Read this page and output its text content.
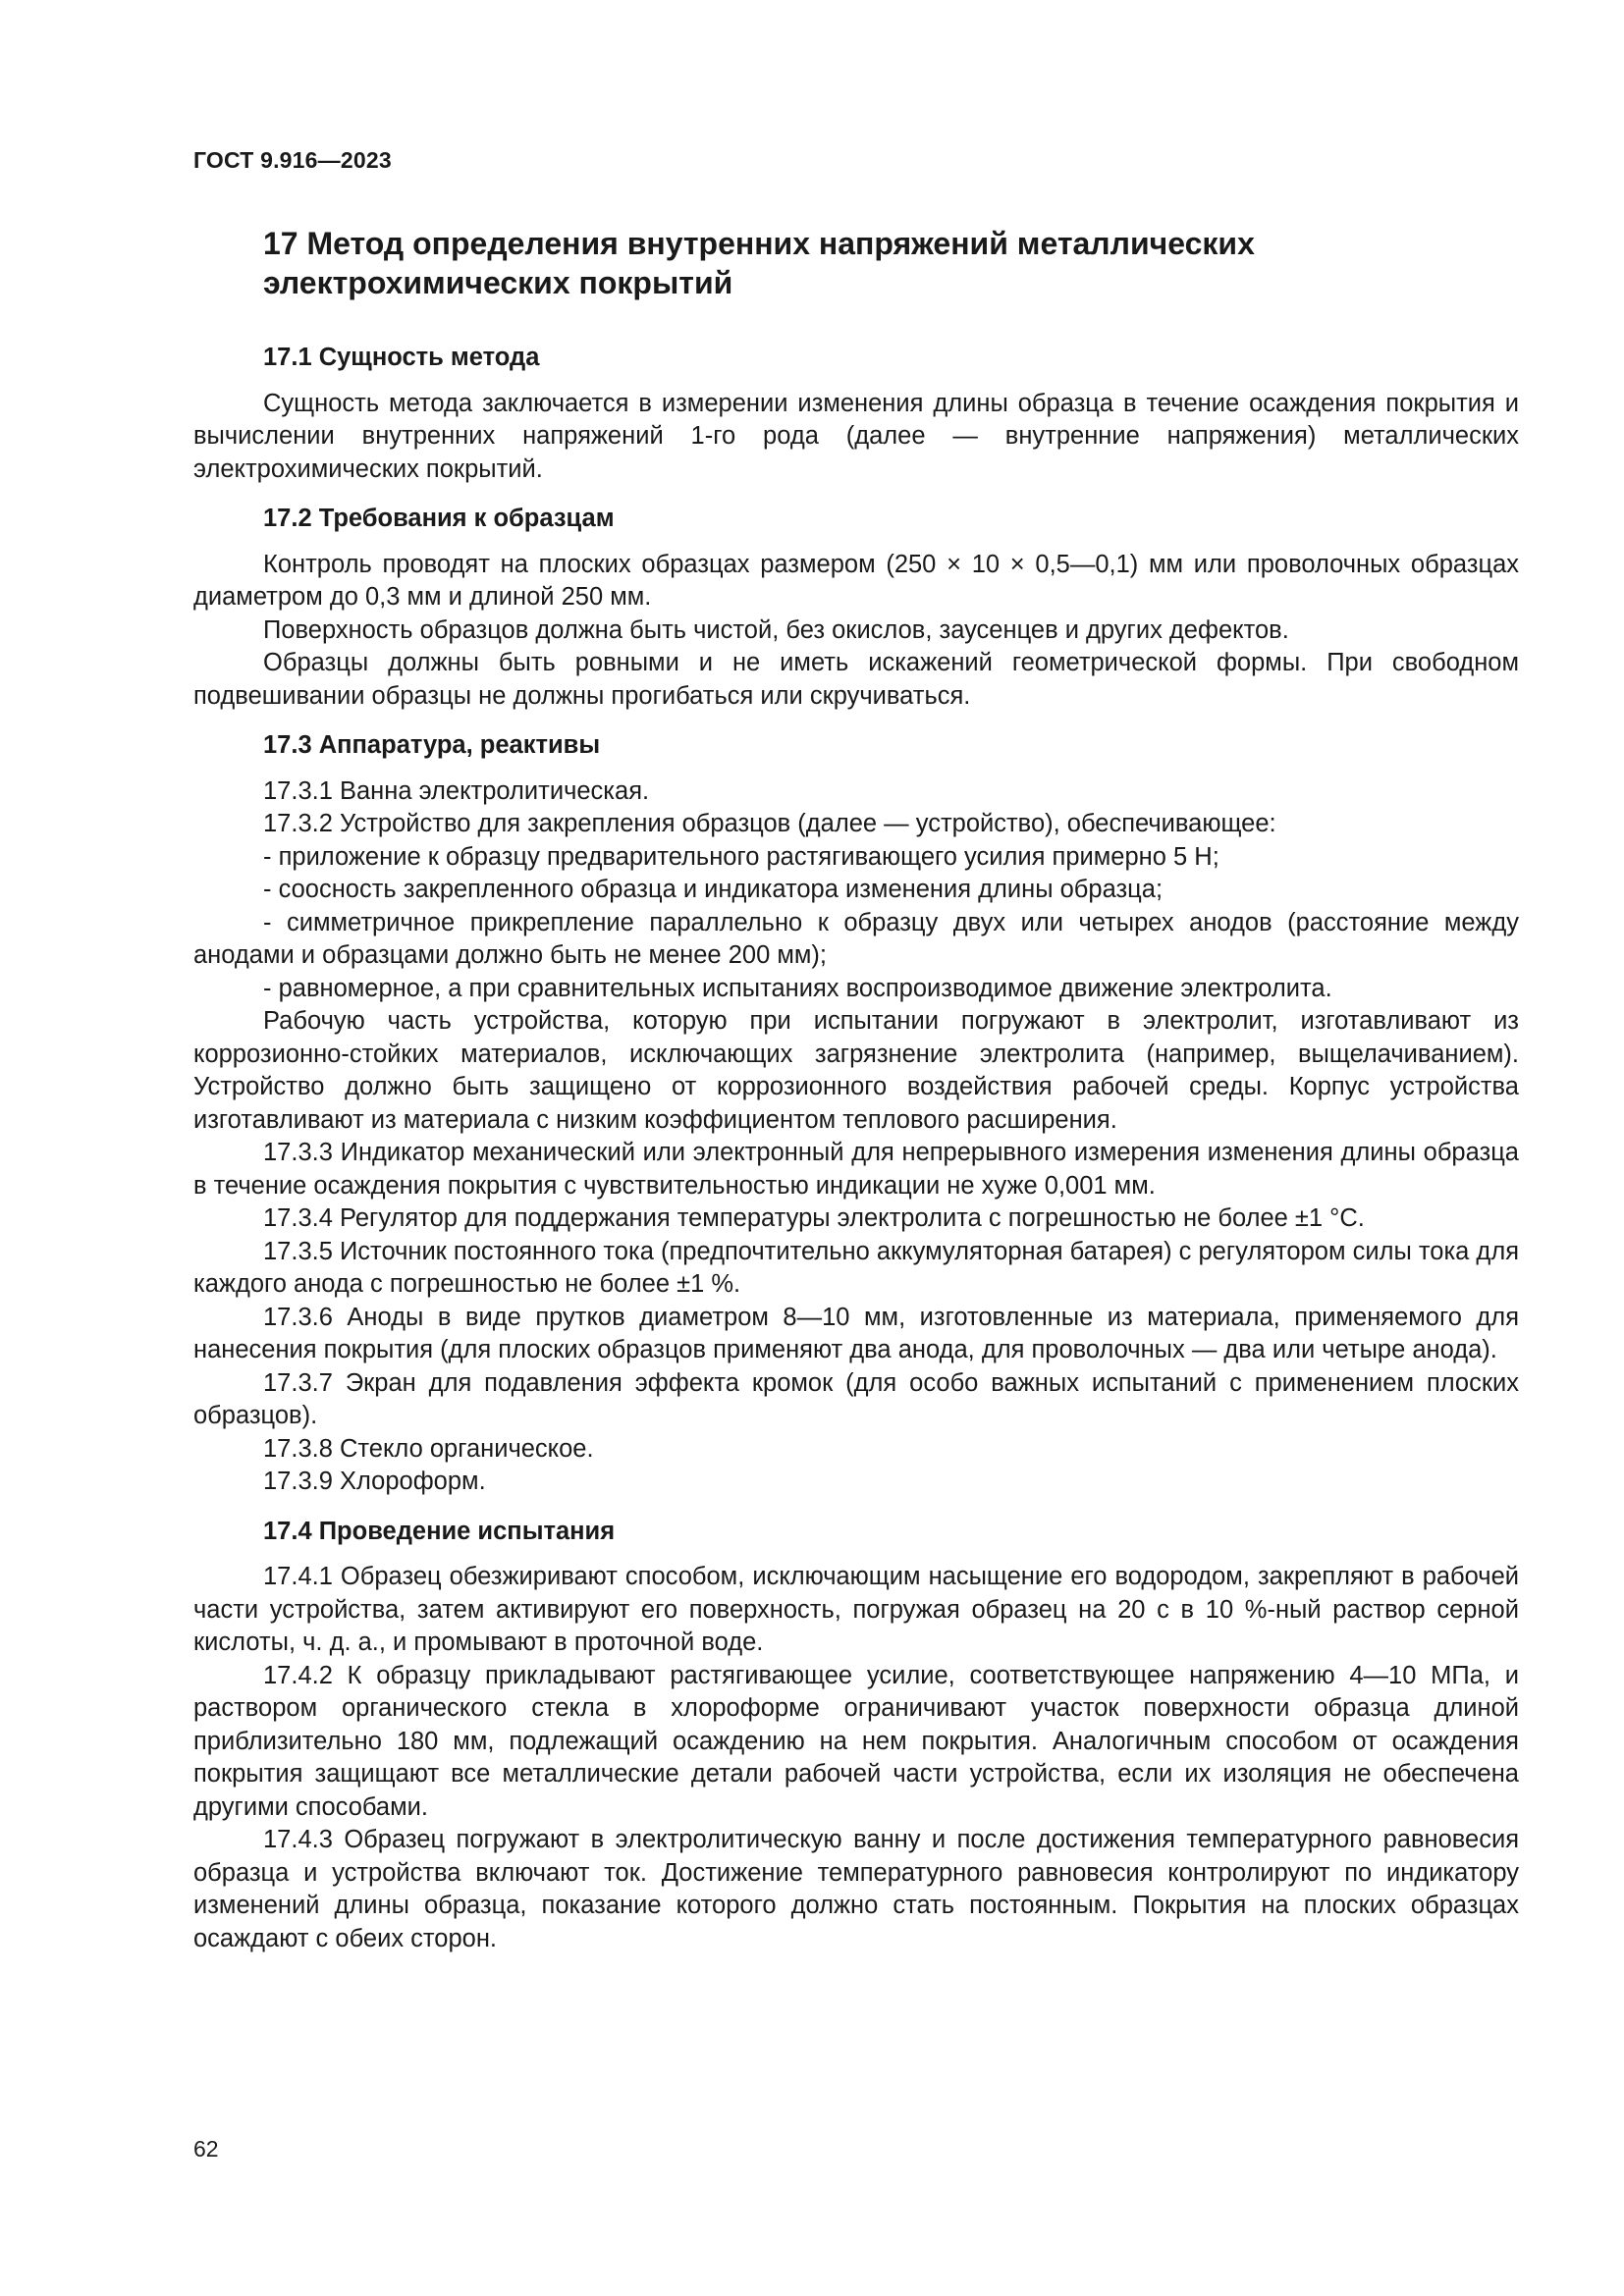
ГОСТ 9.916—2023
17 Метод определения внутренних напряжений металлических электрохимических покрытий
17.1 Сущность метода

Сущность метода заключается в измерении изменения длины образца в течение осаждения покрытия и вычислении внутренних напряжений 1-го рода (далее — внутренние напряжения) металлических электрохимических покрытий.

17.2 Требования к образцам

Контроль проводят на плоских образцах размером (250 × 10 × 0,5—0,1) мм или проволочных образцах диаметром до 0,3 мм и длиной 250 мм.

Поверхность образцов должна быть чистой, без окислов, заусенцев и других дефектов.

Образцы должны быть ровными и не иметь искажений геометрической формы. При свободном подвешивании образцы не должны прогибаться или скручиваться.

17.3 Аппаратура, реактивы

17.3.1 Ванна электролитическая.

17.3.2 Устройство для закрепления образцов (далее — устройство), обеспечивающее:

- приложение к образцу предварительного растягивающего усилия примерно 5 Н;

- соосность закрепленного образца и индикатора изменения длины образца;

- симметричное прикрепление параллельно к образцу двух или четырех анодов (расстояние между анодами и образцами должно быть не менее 200 мм);

- равномерное, а при сравнительных испытаниях воспроизводимое движение электролита.

Рабочую часть устройства, которую при испытании погружают в электролит, изготавливают из коррозионно-стойких материалов, исключающих загрязнение электролита (например, выщелачиванием). Устройство должно быть защищено от коррозионного воздействия рабочей среды. Корпус устройства изготавливают из материала с низким коэффициентом теплового расширения.

17.3.3 Индикатор механический или электронный для непрерывного измерения изменения длины образца в течение осаждения покрытия с чувствительностью индикации не хуже 0,001 мм.

17.3.4 Регулятор для поддержания температуры электролита с погрешностью не более ±1 °С.

17.3.5 Источник постоянного тока (предпочтительно аккумуляторная батарея) с регулятором силы тока для каждого анода с погрешностью не более ±1 %.

17.3.6 Аноды в виде прутков диаметром 8—10 мм, изготовленные из материала, применяемого для нанесения покрытия (для плоских образцов применяют два анода, для проволочных — два или четыре анода).

17.3.7 Экран для подавления эффекта кромок (для особо важных испытаний с применением плоских образцов).

17.3.8 Стекло органическое.

17.3.9 Хлороформ.

17.4 Проведение испытания

17.4.1 Образец обезжиривают способом, исключающим насыщение его водородом, закрепляют в рабочей части устройства, затем активируют его поверхность, погружая образец на 20 с в 10 %-ный раствор серной кислоты, ч. д. а., и промывают в проточной воде.

17.4.2 К образцу прикладывают растягивающее усилие, соответствующее напряжению 4—10 МПа, и раствором органического стекла в хлороформе ограничивают участок поверхности образца длиной приблизительно 180 мм, подлежащий осаждению на нем покрытия. Аналогичным способом от осаждения покрытия защищают все металлические детали рабочей части устройства, если их изоляция не обеспечена другими способами.

17.4.3 Образец погружают в электролитическую ванну и после достижения температурного равновесия образца и устройства включают ток. Достижение температурного равновесия контролируют по индикатору изменений длины образца, показание которого должно стать постоянным. Покрытия на плоских образцах осаждают с обеих сторон.

62
